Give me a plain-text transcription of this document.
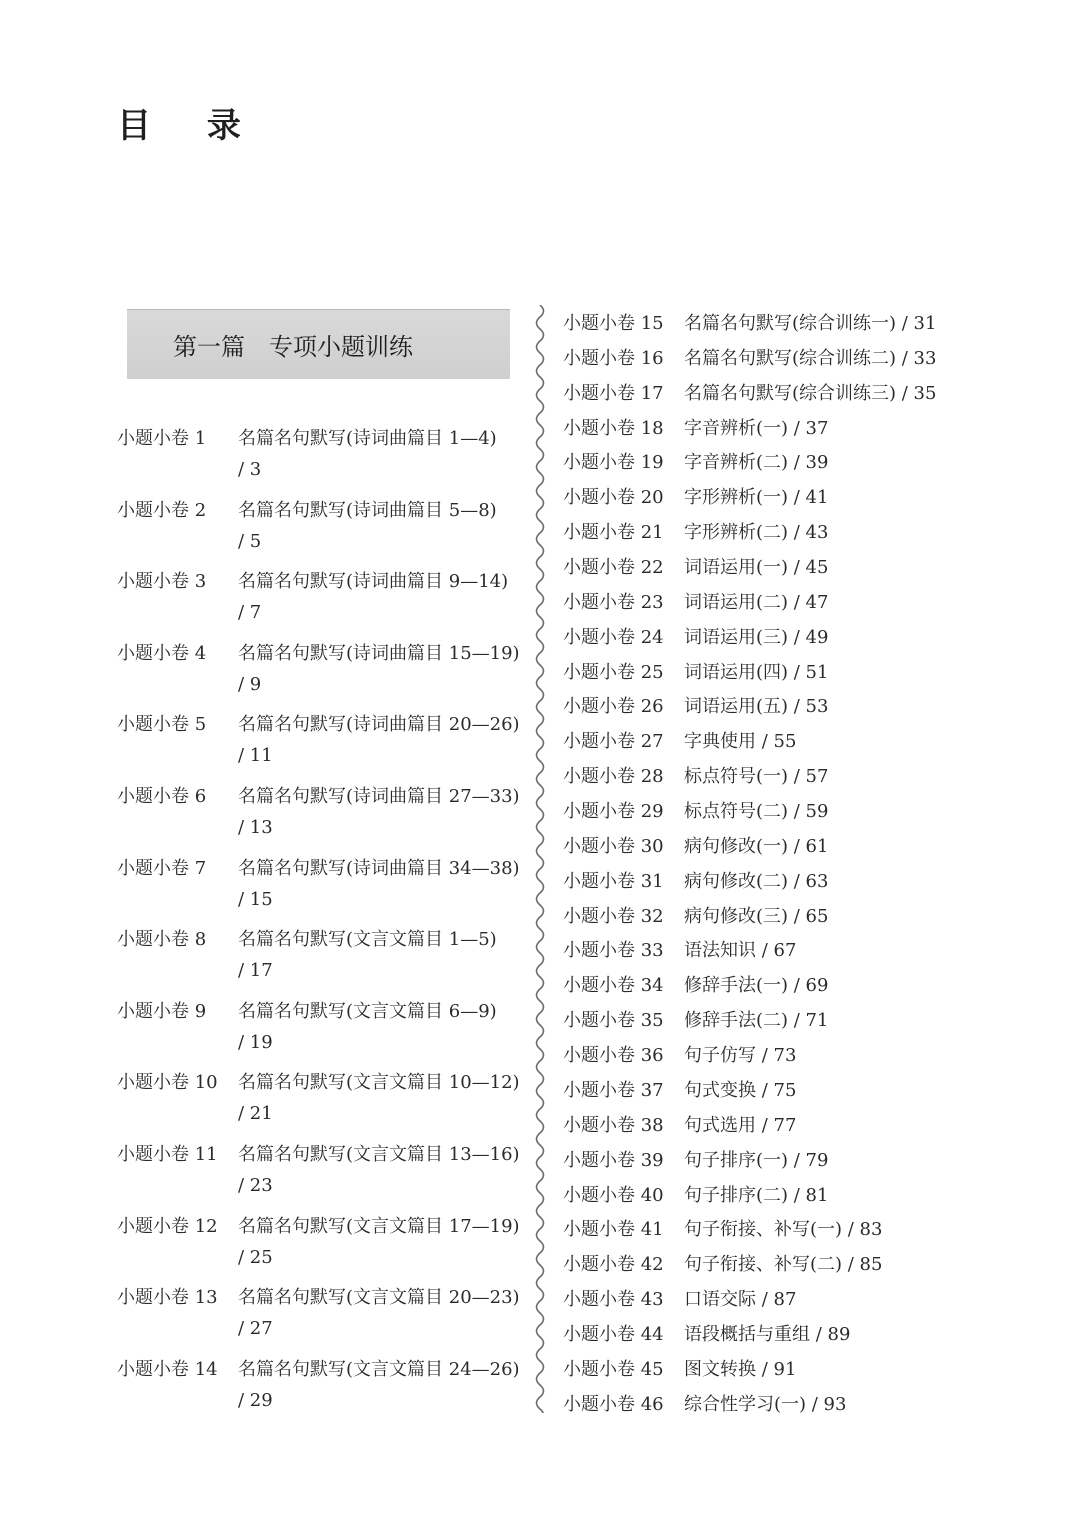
目 录
第一篇　专项小题训练
小题小卷 1 名篇名句默写(诗词曲篇目 1—4)
/ 3
小题小卷 2 名篇名句默写(诗词曲篇目 5—8)
/ 5
小题小卷 3 名篇名句默写(诗词曲篇目 9—14)
/ 7
小题小卷 4 名篇名句默写(诗词曲篇目 15—19)
/ 9
小题小卷 5 名篇名句默写(诗词曲篇目 20—26)
/ 11
小题小卷 6 名篇名句默写(诗词曲篇目 27—33)
/ 13
小题小卷 7 名篇名句默写(诗词曲篇目 34—38)
/ 15
小题小卷 8 名篇名句默写(文言文篇目 1—5)
/ 17
小题小卷 9 名篇名句默写(文言文篇目 6—9)
/ 19
小题小卷 10 名篇名句默写(文言文篇目 10—12)
/ 21
小题小卷 11 名篇名句默写(文言文篇目 13—16)
/ 23
小题小卷 12 名篇名句默写(文言文篇目 17—19)
/ 25
小题小卷 13 名篇名句默写(文言文篇目 20—23)
/ 27
小题小卷 14 名篇名句默写(文言文篇目 24—26)
/ 29
小题小卷 15 名篇名句默写(综合训练一) / 31
小题小卷 16 名篇名句默写(综合训练二) / 33
小题小卷 17 名篇名句默写(综合训练三) / 35
小题小卷 18 字音辨析(一) / 37
小题小卷 19 字音辨析(二) / 39
小题小卷 20 字形辨析(一) / 41
小题小卷 21 字形辨析(二) / 43
小题小卷 22 词语运用(一) / 45
小题小卷 23 词语运用(二) / 47
小题小卷 24 词语运用(三) / 49
小题小卷 25 词语运用(四) / 51
小题小卷 26 词语运用(五) / 53
小题小卷 27 字典使用 / 55
小题小卷 28 标点符号(一) / 57
小题小卷 29 标点符号(二) / 59
小题小卷 30 病句修改(一) / 61
小题小卷 31 病句修改(二) / 63
小题小卷 32 病句修改(三) / 65
小题小卷 33 语法知识 / 67
小题小卷 34 修辞手法(一) / 69
小题小卷 35 修辞手法(二) / 71
小题小卷 36 句子仿写 / 73
小题小卷 37 句式变换 / 75
小题小卷 38 句式选用 / 77
小题小卷 39 句子排序(一) / 79
小题小卷 40 句子排序(二) / 81
小题小卷 41 句子衔接、补写(一) / 83
小题小卷 42 句子衔接、补写(二) / 85
小题小卷 43 口语交际 / 87
小题小卷 44 语段概括与重组 / 89
小题小卷 45 图文转换 / 91
小题小卷 46 综合性学习(一) / 93
